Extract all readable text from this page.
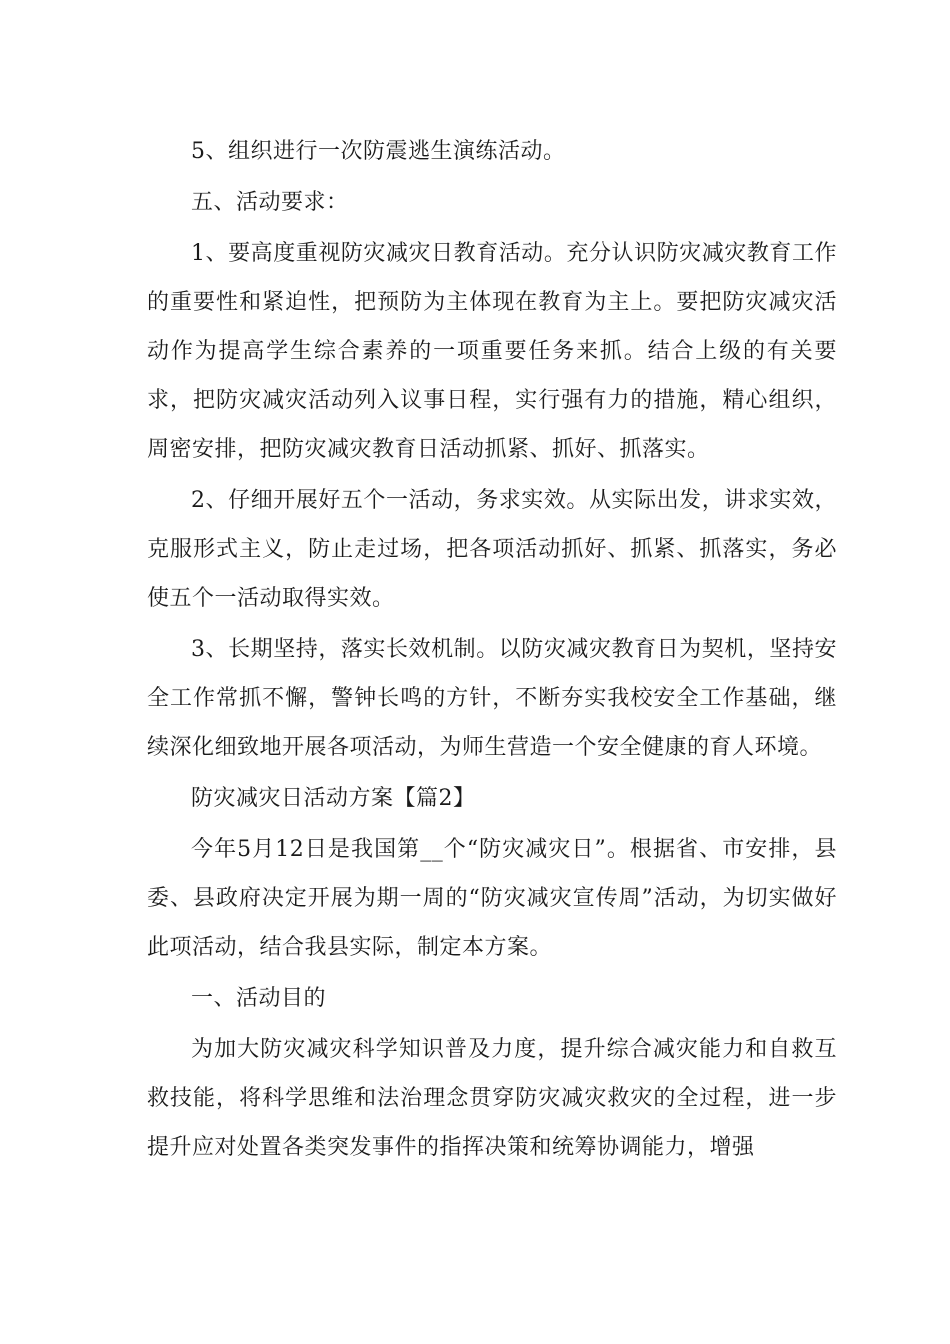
5、组织进行一次防震逃生演练活动。

五、活动要求：

1、要高度重视防灾减灾日教育活动。充分认识防灾减灾教育工作的重要性和紧迫性，把预防为主体现在教育为主上。要把防灾减灾活动作为提高学生综合素养的一项重要任务来抓。结合上级的有关要求，把防灾减灾活动列入议事日程，实行强有力的措施，精心组织，周密安排，把防灾减灾教育日活动抓紧、抓好、抓落实。

2、仔细开展好五个一活动，务求实效。从实际出发，讲求实效，克服形式主义，防止走过场，把各项活动抓好、抓紧、抓落实，务必使五个一活动取得实效。

3、长期坚持，落实长效机制。以防灾减灾教育日为契机，坚持安全工作常抓不懈，警钟长鸣的方针，不断夯实我校安全工作基础，继续深化细致地开展各项活动，为师生营造一个安全健康的育人环境。

防灾减灾日活动方案【篇2】

今年5月12日是我国第__个“防灾减灾日”。根据省、市安排，县委、县政府决定开展为期一周的“防灾减灾宣传周”活动，为切实做好此项活动，结合我县实际，制定本方案。

一、活动目的

为加大防灾减灾科学知识普及力度，提升综合减灾能力和自救互救技能，将科学思维和法治理念贯穿防灾减灾救灾的全过程，进一步提升应对处置各类突发事件的指挥决策和统筹协调能力，增强
